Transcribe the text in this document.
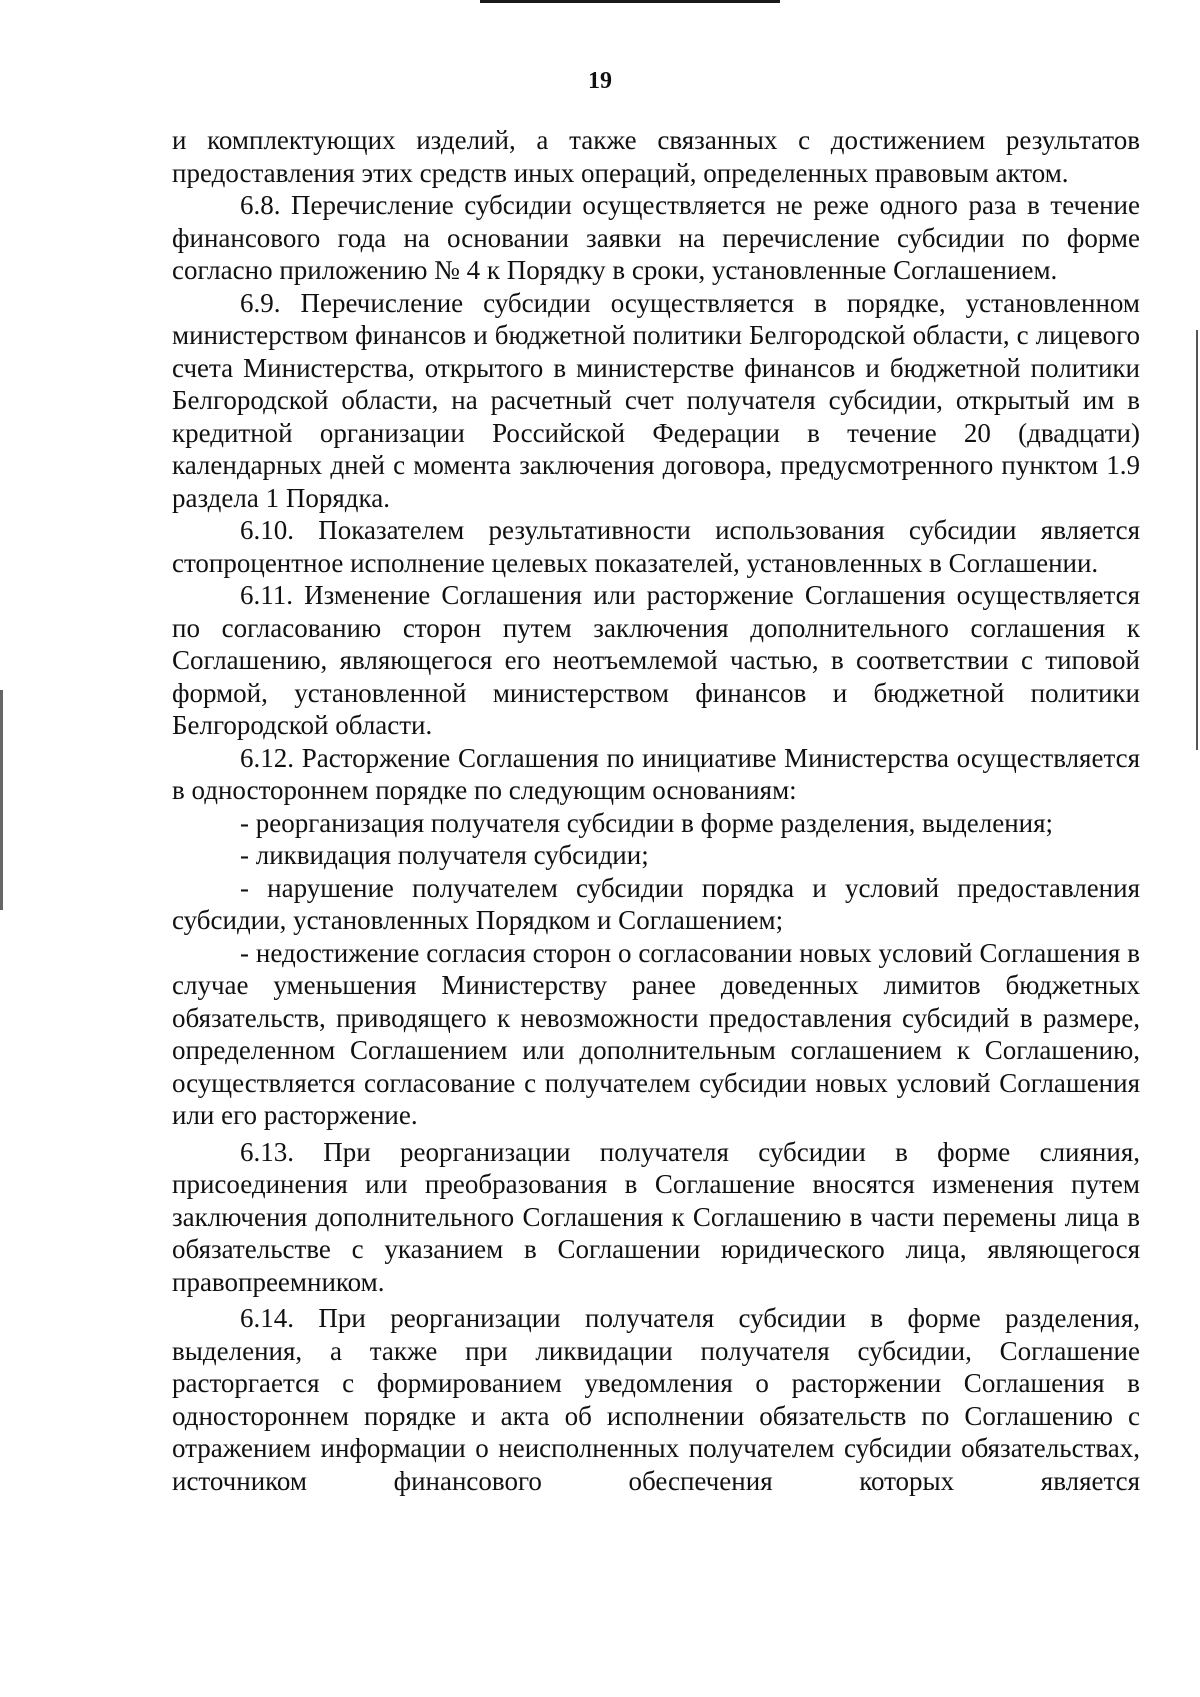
19

и комплектующих изделий, а также связанных с достижением результатов предоставления этих средств иных операций, определенных правовым актом.

6.8. Перечисление субсидии осуществляется не реже одного раза в течение финансового года на основании заявки на перечисление субсидии по форме согласно приложению № 4 к Порядку в сроки, установленные Соглашением.

6.9. Перечисление субсидии осуществляется в порядке, установленном министерством финансов и бюджетной политики Белгородской области, с лицевого счета Министерства, открытого в министерстве финансов и бюджетной политики Белгородской области, на расчетный счет получателя субсидии, открытый им в кредитной организации Российской Федерации в течение 20 (двадцати) календарных дней с момента заключения договора, предусмотренного пунктом 1.9 раздела 1 Порядка.

6.10. Показателем результативности использования субсидии является стопроцентное исполнение целевых показателей, установленных в Соглашении.

6.11. Изменение Соглашения или расторжение Соглашения осуществляется по согласованию сторон путем заключения дополнительного соглашения к Соглашению, являющегося его неотъемлемой частью, в соответствии с типовой формой, установленной министерством финансов и бюджетной политики Белгородской области.

6.12. Расторжение Соглашения по инициативе Министерства осуществляется в одностороннем порядке по следующим основаниям:

- реорганизация получателя субсидии в форме разделения, выделения;

- ликвидация получателя субсидии;

- нарушение получателем субсидии порядка и условий предоставления субсидии, установленных Порядком и Соглашением;

- недостижение согласия сторон о согласовании новых условий Соглашения в случае уменьшения Министерству ранее доведенных лимитов бюджетных обязательств, приводящего к невозможности предоставления субсидий в размере, определенном Соглашением или дополнительным соглашением к Соглашению, осуществляется согласование с получателем субсидии новых условий Соглашения или его расторжение.

6.13. При реорганизации получателя субсидии в форме слияния, присоединения или преобразования в Соглашение вносятся изменения путем заключения дополнительного Соглашения к Соглашению в части перемены лица в обязательстве с указанием в Соглашении юридического лица, являющегося правопреемником.

6.14. При реорганизации получателя субсидии в форме разделения, выделения, а также при ликвидации получателя субсидии, Соглашение расторгается с формированием уведомления о расторжении Соглашения в одностороннем порядке и акта об исполнении обязательств по Соглашению с отражением информации о неисполненных получателем субсидии обязательствах, источником финансового обеспечения которых является
